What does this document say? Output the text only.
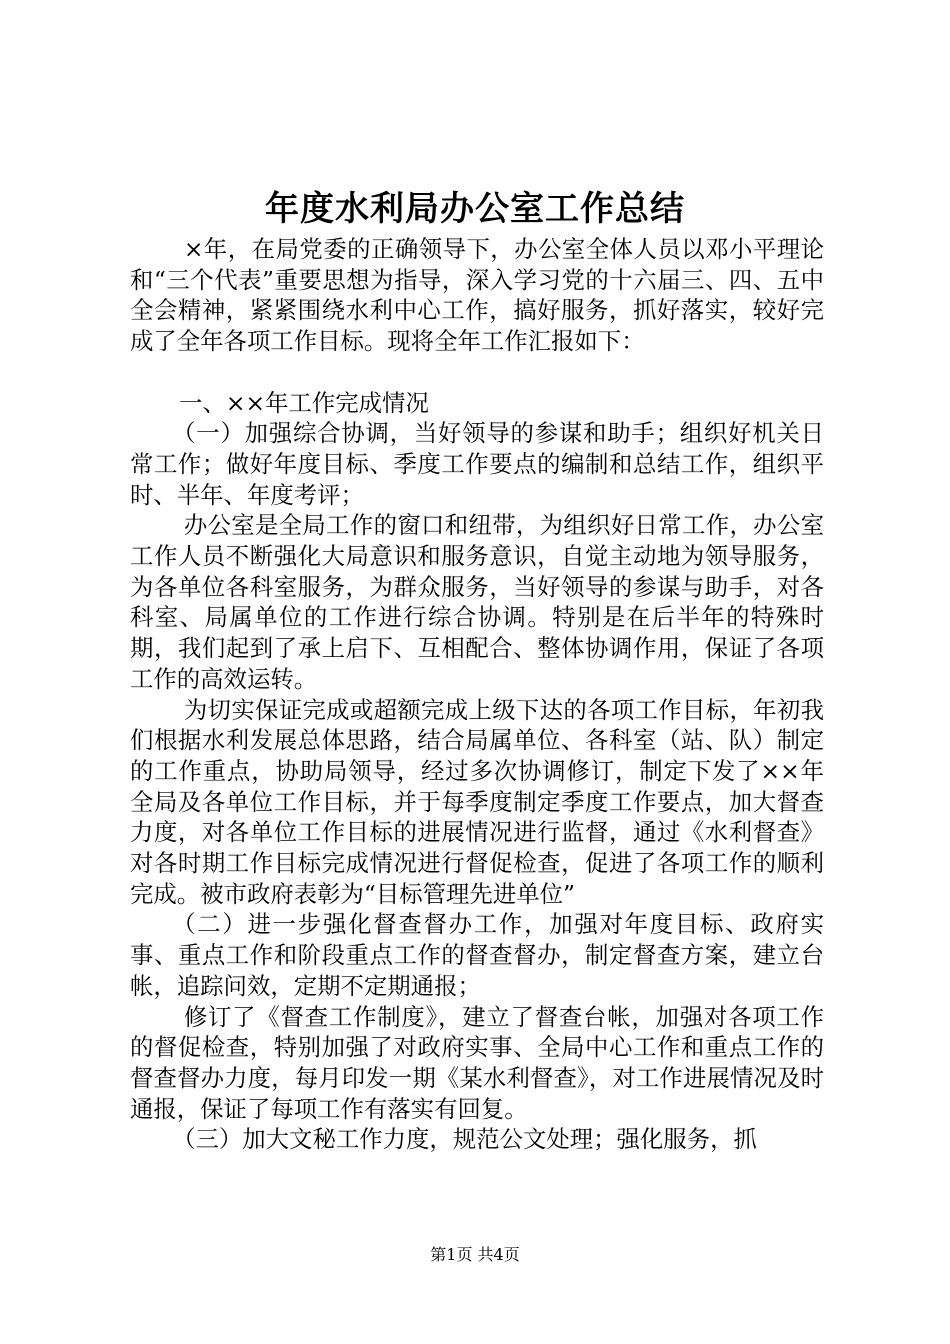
年度水利局办公室工作总结

×年，在局党委的正确领导下，办公室全体人员以邓小平理论和“三个代表”重要思想为指导，深入学习党的十六届三、四、五中全会精神，紧紧围绕水利中心工作，搞好服务，抓好落实，较好完成了全年各项工作目标。现将全年工作汇报如下：

一、××年工作完成情况

（一）加强综合协调，当好领导的参谋和助手；组织好机关日常工作；做好年度目标、季度工作要点的编制和总结工作，组织平时、半年、年度考评；

办公室是全局工作的窗口和纽带，为组织好日常工作，办公室工作人员不断强化大局意识和服务意识，自觉主动地为领导服务，为各单位各科室服务，为群众服务，当好领导的参谋与助手，对各科室、局属单位的工作进行综合协调。特别是在后半年的特殊时期，我们起到了承上启下、互相配合、整体协调作用，保证了各项工作的高效运转。

为切实保证完成或超额完成上级下达的各项工作目标，年初我们根据水利发展总体思路，结合局属单位、各科室（站、队）制定的工作重点，协助局领导，经过多次协调修订，制定下发了××年全局及各单位工作目标，并于每季度制定季度工作要点，加大督查力度，对各单位工作目标的进展情况进行监督，通过《水利督查》对各时期工作目标完成情况进行督促检查，促进了各项工作的顺利完成。被市政府表彰为“目标管理先进单位”

（二）进一步强化督查督办工作，加强对年度目标、政府实事、重点工作和阶段重点工作的督查督办，制定督查方案，建立台帐，追踪问效，定期不定期通报；

修订了《督查工作制度》，建立了督查台帐，加强对各项工作的督促检查，特别加强了对政府实事、全局中心工作和重点工作的督查督办力度，每月印发一期《某水利督查》，对工作进展情况及时通报，保证了每项工作有落实有回复。

（三）加大文秘工作力度，规范公文处理；强化服务，抓

第1页 共4页
